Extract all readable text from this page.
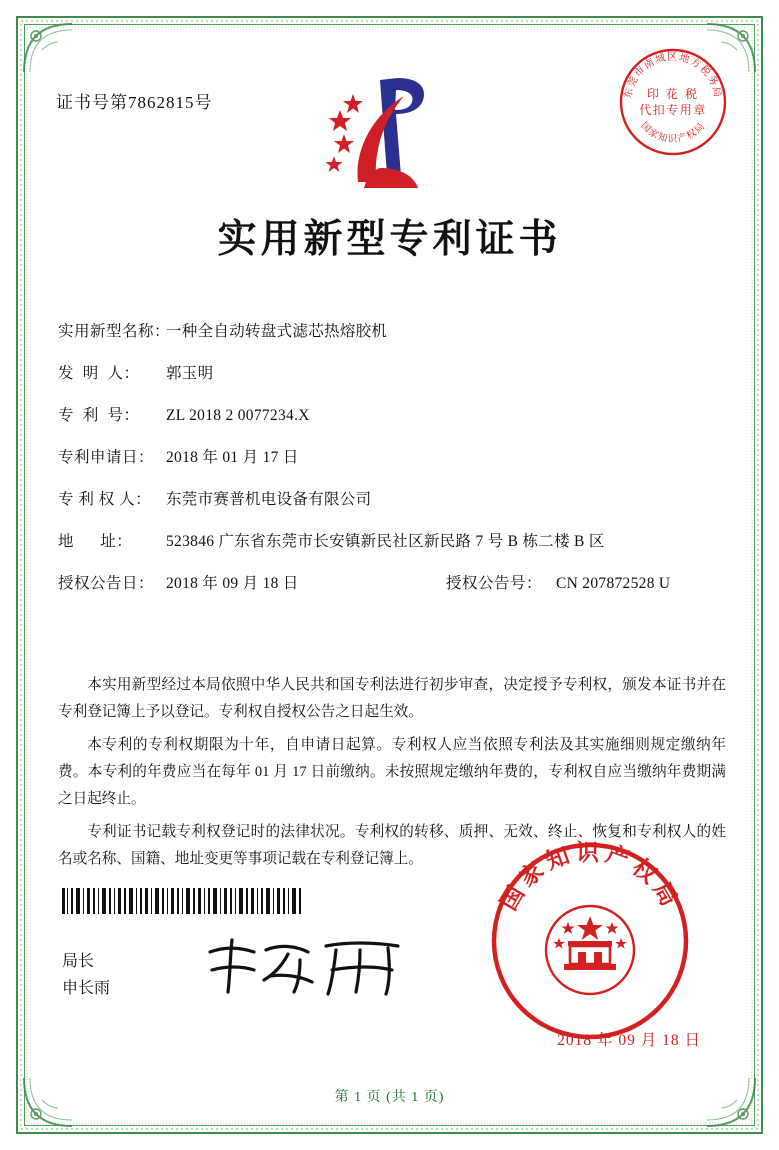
证书号第7862815号
东莞市南城区地方税务局
国家知识产权局
印 花 税
代扣专用章
实用新型专利证书
实用新型名称：
一种全自动转盘式滤芯热熔胶机
发  明  人：	郭玉明
专  利  号：	ZL 2018 2 0077234.X
专利申请日： 2018 年 01 月 17 日
专 利 权 人： 东莞市赛普机电设备有限公司
地      址：	523846 广东省东莞市长安镇新民社区新民路 7 号 B 栋二楼 B 区
授权公告日： 2018 年 09 月 18 日	授权公告号： CN 207872528 U

本实用新型经过本局依照中华人民共和国专利法进行初步审查，决定授予专利权，颁发本证书并在专利登记簿上予以登记。专利权自授权公告之日起生效。

本专利的专利权期限为十年，自申请日起算。专利权人应当依照专利法及其实施细则规定缴纳年费。本专利的年费应当在每年 01 月 17 日前缴纳。未按照规定缴纳年费的，专利权自应当缴纳年费期满之日起终止。

专利证书记载专利权登记时的法律状况。专利权的转移、质押、无效、终止、恢复和专利权人的姓名或名称、国籍、地址变更等事项记载在专利登记簿上。

局长
申长雨
国家知识产权局
2018 年 09 月 18 日
第 1 页 (共 1 页)
